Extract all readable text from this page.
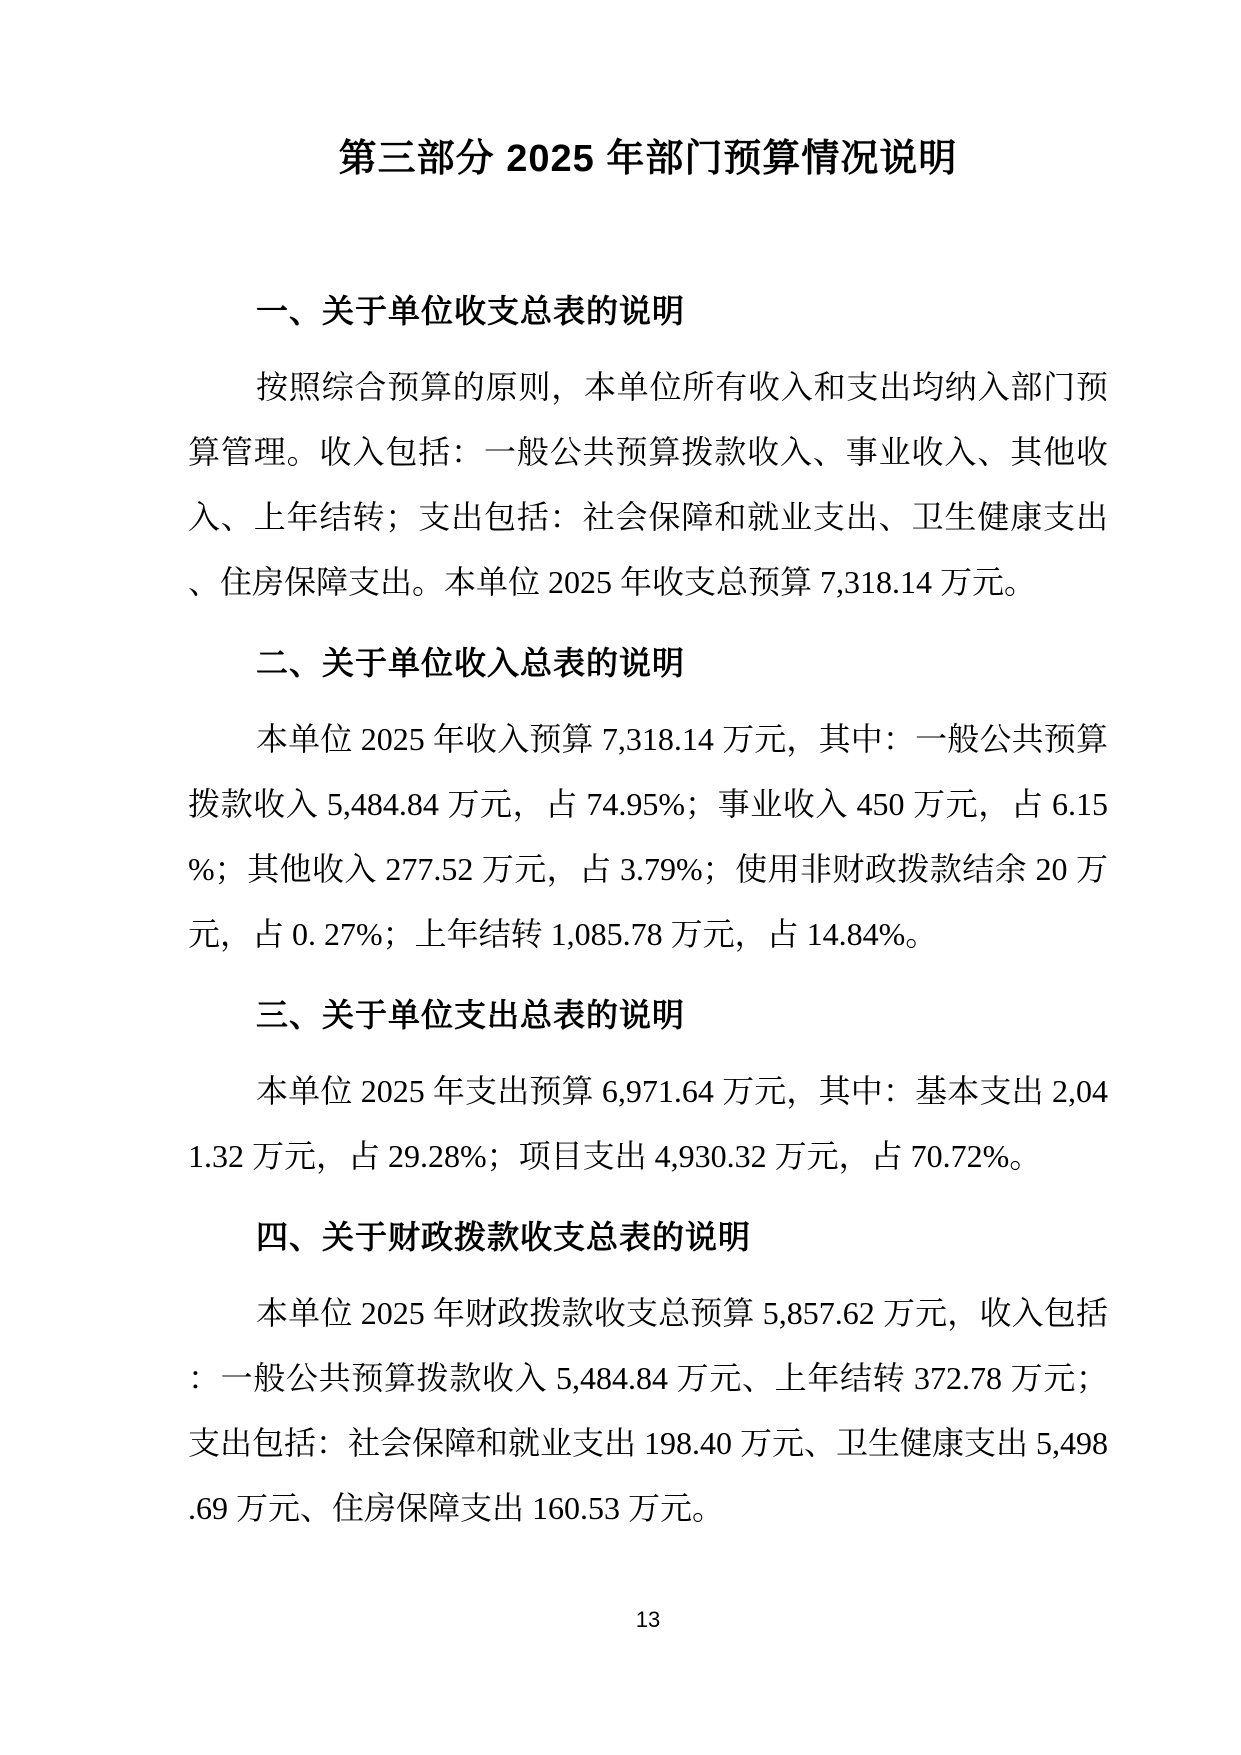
第三部分 2025 年部门预算情况说明
一、关于单位收支总表的说明

按照综合预算的原则，本单位所有收入和支出均纳入部门预算管理。收入包括：一般公共预算拨款收入、事业收入、其他收入、上年结转；支出包括：社会保障和就业支出、卫生健康支出、住房保障支出。本单位 2025 年收支总预算 7,318.14 万元。

二、关于单位收入总表的说明

本单位 2025 年收入预算 7,318.14 万元，其中：一般公共预算拨款收入 5,484.84 万元，占 74.95%；事业收入 450 万元，占 6.15%；其他收入 277.52 万元，占 3.79%；使用非财政拨款结余 20 万元，占 0. 27%；上年结转 1,085.78 万元，占 14.84%。

三、关于单位支出总表的说明

本单位 2025 年支出预算 6,971.64 万元，其中：基本支出 2,041.32 万元，占 29.28%；项目支出 4,930.32 万元，占 70.72%。

四、关于财政拨款收支总表的说明

本单位 2025 年财政拨款收支总预算 5,857.62 万元，收入包括：一般公共预算拨款收入 5,484.84 万元、上年结转 372.78 万元；支出包括：社会保障和就业支出 198.40 万元、卫生健康支出 5,498.69 万元、住房保障支出 160.53 万元。

13
